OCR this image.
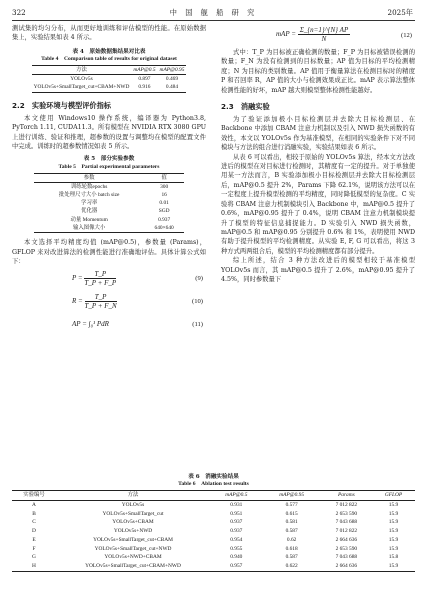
322	中 国 舰 船 研 究	2025年

测试集的均匀分布，从而更好地训练和评估模型的性能。在原始数据集上，实验结果如表 4 所示。

表 4　原始数据集结果对比表
Table 4　Comparison table of results for original dataset
方法	mAP@0.5	mAP@0.95
YOLOv5s	0.897	0.469
YOLOv5s+SmallTarget_cut+CBAM+NWD	0.916	0.484
2.2　实验环境与模型评价指标

本文使用 Windows10 操作系统，编译器为 Python3.8, PyTorch 1.11, CUDA11.3。所有模型在 NVIDIA RTX 3080 GPU 上进行训练、验证和推理，超参数的设置与调整均在模型的配置文件中完成。训练时的超参数情况如表 5 所示。

表 5　部分实验参数
Table 5　Partial experimental parameters
参数	值
训练轮数epochs	300
批处理尺寸大小 batch size	16
学习率	0.01
优化器	SGD
动量 Momentum	0.937
输入图像大小	640×640

本文选择平均精度均值 (mAP@0.5)，参数量 (Params)，GFLOP 来对改进算法的检测性能进行准确地评估。具体计算公式如下：

$P = \frac{T\_P}{T\_P + F\_P}$	(9)
$R = \frac{T\_P}{T\_P + F\_N}$	(10)
AP = ∫₀¹ PdR	(11)
mAP = $\frac{\Sigma\_\{n=1\}\^{}\{N\} AP}{N}$	(12)

式中：T_P 为目标被正确检测的数量；F_P 为目标被错误检测的数量；F_N 为没有检测到的目标数量；AP 值为目标的平均检测精度；N 为目标的类别数量。AP 值用于衡量算法在检测目标时的精度 P 和召回率 R，AP 值的大小与检测效果成正比。mAP 表示算法整体检测性能的好坏，mAP 越大则模型整体检测性能越好。

2.3　消融实验

为了验证添加极小目标检测层并去除大目标检测层、在 Backbone 中添加 CBAM 注意力机制以及引入 NWD 损失函数的有效性，本文以 YOLOv5s 作为基准模型，在相同的实验条件下对不同模块与方法的组合进行消融实验，实验结果如表 6 所示。

从表 6 可以看出，相较于原始的 YOLOv5s 算法，经本文方法改进后的模型在对目标进行检测时，其精度有一定的提升。对于单独使用某一方法而言，B 实验添加极小目标检测层并去除大目标检测层后，mAP@0.5 提升 2%，Params 下降 62.1%，说明该方法可以在一定程度上提升模型检测的平均精度，同时降低模型的复杂度。C 实验将 CBAM 注意力机制模块引入 Backbone 中，mAP@0.5 提升了 0.6%，mAP@0.95 提升了 0.4%，说明 CBAM 注意力机制模块提升了模型的特征信息捕捉能力。D 实验引入 NWD 损失函数，mAP@0.5 和 mAP@0.95 分别提升 0.6% 和 1%，表明使用 NWD 有助于提升模型的平均检测精度。从实验 E, F, G 可以看出，将这 3 种方式两两组合后，模型的平均检测精度都有部分提升。

综上所述，结合 3 种方法改进后的模型相较于基准模型 YOLOv5s 而言，其 mAP@0.5 提升了 2.6%，mAP@0.95 提升了 4.5%，同时参数量下

表 6　消融实验结果
Table 6　Ablation test results
实验编号	方法	mAP@0.5	mAP@0.95	Params	GFLOP
A	YOLOv5s	0.931	0.577	7 012 822	15.9
B	YOLOv5s+SmallTarget_cut	0.951	0.615	2 653 590	15.9
C	YOLOv5s+CBAM	0.937	0.581	7 043 688	15.9
D	YOLOv5s+NWD	0.937	0.587	7 012 822	15.9
E	YOLOv5s+SmallTarget_cut+CBAM	0.954	0.62	2 664 636	15.9
F	YOLOv5s+SmallTarget_cut+NWD	0.955	0.618	2 653 590	15.9
G	YOLOv5s+NWD+CBAM	0.940	0.587	7 043 688	15.8
H	YOLOv5s+SmallTarget_cut+CBAM+NWD	0.957	0.622	2 664 636	15.9
